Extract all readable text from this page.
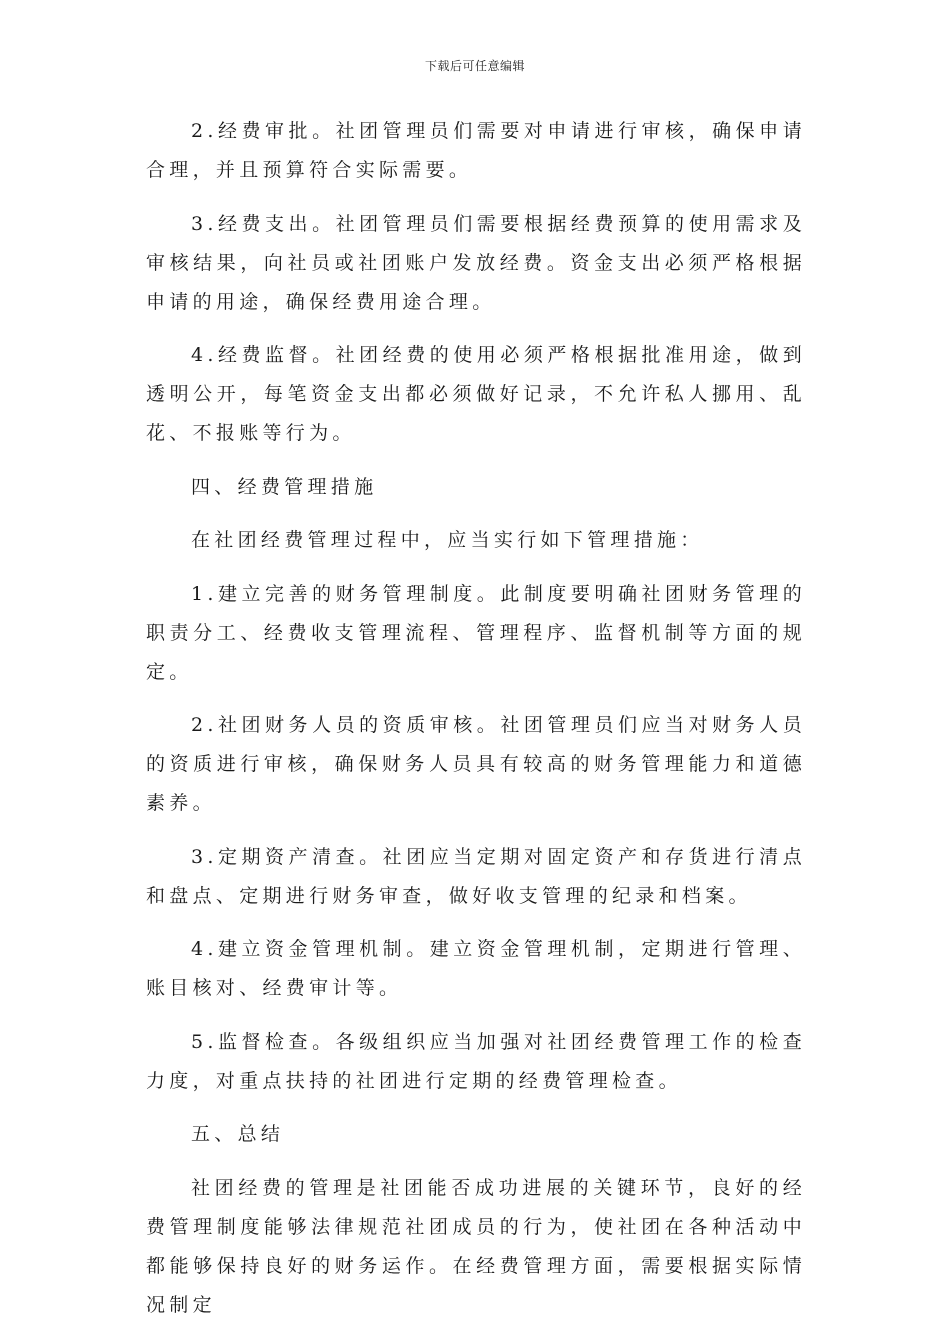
下载后可任意编辑

2.经费审批。社团管理员们需要对申请进行审核，确保申请合理，并且预算符合实际需要。

3.经费支出。社团管理员们需要根据经费预算的使用需求及审核结果，向社员或社团账户发放经费。资金支出必须严格根据申请的用途，确保经费用途合理。

4.经费监督。社团经费的使用必须严格根据批准用途，做到透明公开，每笔资金支出都必须做好记录，不允许私人挪用、乱花、不报账等行为。

四、经费管理措施

在社团经费管理过程中，应当实行如下管理措施：

1.建立完善的财务管理制度。此制度要明确社团财务管理的职责分工、经费收支管理流程、管理程序、监督机制等方面的规定。

2.社团财务人员的资质审核。社团管理员们应当对财务人员的资质进行审核，确保财务人员具有较高的财务管理能力和道德素养。

3.定期资产清查。社团应当定期对固定资产和存货进行清点和盘点、定期进行财务审查，做好收支管理的纪录和档案。

4.建立资金管理机制。建立资金管理机制，定期进行管理、账目核对、经费审计等。

5.监督检查。各级组织应当加强对社团经费管理工作的检查力度，对重点扶持的社团进行定期的经费管理检查。

五、总结

社团经费的管理是社团能否成功进展的关键环节，良好的经费管理制度能够法律规范社团成员的行为，使社团在各种活动中都能够保持良好的财务运作。在经费管理方面，需要根据实际情况制定
